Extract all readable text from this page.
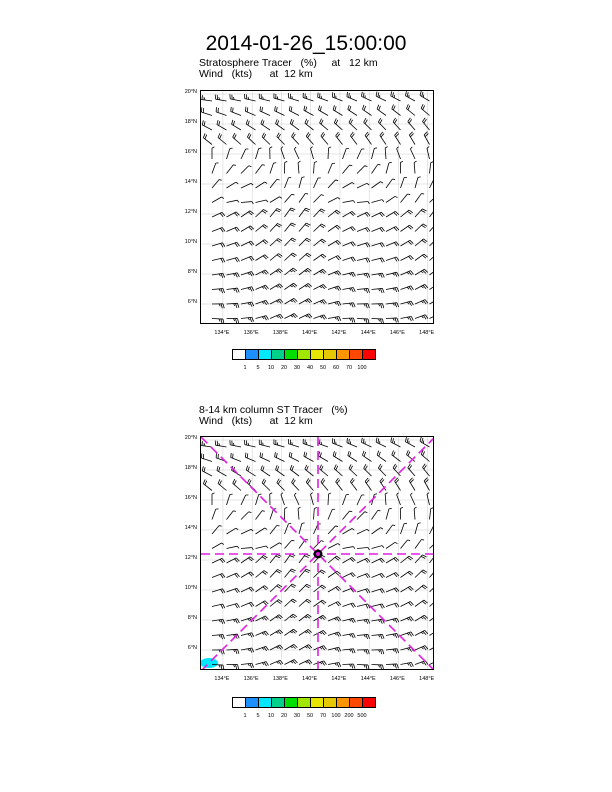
2014-01-26_15:00:00
Stratosphere Tracer   (%)     at   12 km
Wind   (kts)      at  12 km
20°N
18°N
16°N
14°N
12°N
10°N
8°N
6°N
134°E	136°E	138°E	140°E	142°E	144°E	146°E	148°E
1	5	10	20	30	40	50	60	70 100
8-14 km column ST Tracer   (%)
Wind   (kts)      at  12 km
20°N
18°N
16°N
14°N
12°N
10°N
8°N
6°N
134°E	136°E	138°E	140°E	142°E	144°E	146°E	148°E
1	5	10	20	30	50	70 100 200 500
